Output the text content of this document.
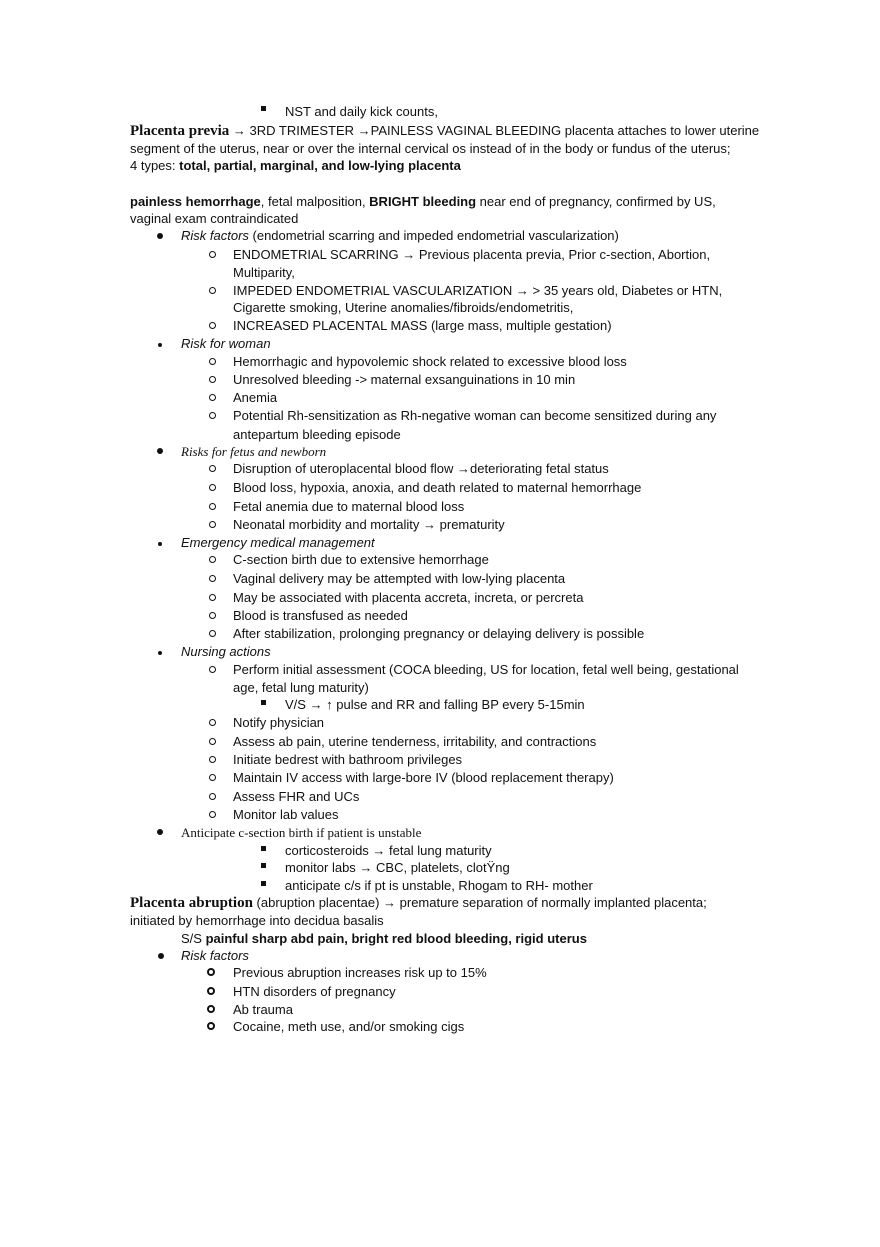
NST and daily kick counts,
Placenta previa → 3RD TRIMESTER →PAINLESS VAGINAL BLEEDING placenta attaches to lower uterine
segment of the uterus, near or over the internal cervical os instead of in the body or fundus of the uterus;
4 types: total, partial, marginal, and low-lying placenta
painless hemorrhage, fetal malposition, BRIGHT bleeding near end of pregnancy, confirmed by US,
vaginal exam contraindicated
Risk factors (endometrial scarring and impeded endometrial vascularization)
ENDOMETRIAL SCARRING → Previous placenta previa, Prior c-section, Abortion,
Multiparity,
IMPEDED ENDOMETRIAL VASCULARIZATION → > 35 years old, Diabetes or HTN,
Cigarette smoking, Uterine anomalies/fibroids/endometritis,
INCREASED PLACENTAL MASS (large mass, multiple gestation)
Risk for woman
Hemorrhagic and hypovolemic shock related to excessive blood loss
Unresolved bleeding -> maternal exsanguinations in 10 min
Anemia
Potential Rh-sensitization as Rh-negative woman can become sensitized during any
antepartum bleeding episode
Risks for fetus and newborn
Disruption of uteroplacental blood flow →deteriorating fetal status
Blood loss, hypoxia, anoxia, and death related to maternal hemorrhage
Fetal anemia due to maternal blood loss
Neonatal morbidity and mortality → prematurity
Emergency medical management
C-section birth due to extensive hemorrhage
Vaginal delivery may be attempted with low-lying placenta
May be associated with placenta accreta, increta, or percreta
Blood is transfused as needed
After stabilization, prolonging pregnancy or delaying delivery is possible
Nursing actions
Perform initial assessment (COCA bleeding, US for location, fetal well being, gestational
age, fetal lung maturity)
V/S → ↑ pulse and RR and falling BP every 5-15min
Notify physician
Assess ab pain, uterine tenderness, irritability, and contractions
Initiate bedrest with bathroom privileges
Maintain IV access with large-bore IV (blood replacement therapy)
Assess FHR and UCs
Monitor lab values
Anticipate c-section birth if patient is unstable
corticosteroids → fetal lung maturity
monitor labs → CBC, platelets, clotŸng
anticipate c/s if pt is unstable, Rhogam to RH- mother
Placenta abruption (abruption placentae) → premature separation of normally implanted placenta;
initiated by hemorrhage into decidua basalis
S/S painful sharp abd pain, bright red blood bleeding, rigid uterus
Risk factors
Previous abruption increases risk up to 15%
HTN disorders of pregnancy
Ab trauma
Cocaine, meth use, and/or smoking cigs
